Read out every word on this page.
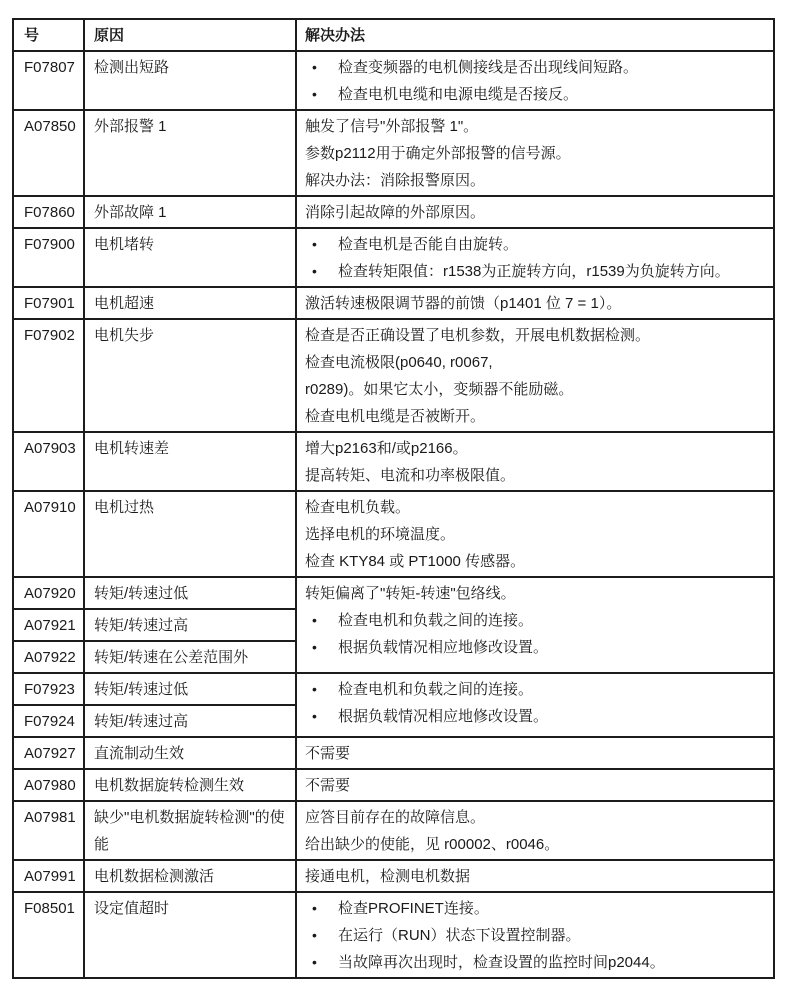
号	原因	解决办法
F07807	检测出短路	• 检查变频器的电机侧接线是否出现线间短路。
• 检查电机电缆和电源电缆是否接反。

A07850	外部报警 1	触发了信号"外部报警 1"。
参数p2112用于确定外部报警的信号源。
解决办法：消除报警原因。

F07860	外部故障 1	消除引起故障的外部原因。

F07900	电机堵转	• 检查电机是否能自由旋转。
• 检查转矩限值：r1538为正旋转方向，r1539为负旋转方向。

F07901	电机超速	激活转速极限调节器的前馈（p1401 位 7 = 1）。

F07902	电机失步	检查是否正确设置了电机参数，开展电机数据检测。
检查电流极限(p0640, r0067,
r0289)。如果它太小，变频器不能励磁。
检查电机电缆是否被断开。

A07903	电机转速差	增大p2163和/或p2166。
提高转矩、电流和功率极限值。

A07910	电机过热	检查电机负载。
选择电机的环境温度。
检查 KTY84 或 PT1000 传感器。

A07920	转矩/转速过低	转矩偏离了"转矩-转速"包络线。
• 检查电机和负载之间的连接。
• 根据负载情况相应地修改设置。

A07921	转矩/转速过高	
A07922	转矩/转速在公差范围外	
F07923	转矩/转速过低	• 检查电机和负载之间的连接。
• 根据负载情况相应地修改设置。

F07924	转矩/转速过高	
A07927	直流制动生效	不需要

A07980	电机数据旋转检测生效	不需要

A07981	缺少"电机数据旋转检测"的使能	应答目前存在的故障信息。
给出缺少的使能，见 r00002、r0046。

A07991	电机数据检测激活	接通电机，检测电机数据

F08501	设定值超时	•	检查PROFINET连接。
•	在运行（RUN）状态下设置控制器。
•	当故障再次出现时，检查设置的监控时间p2044。
